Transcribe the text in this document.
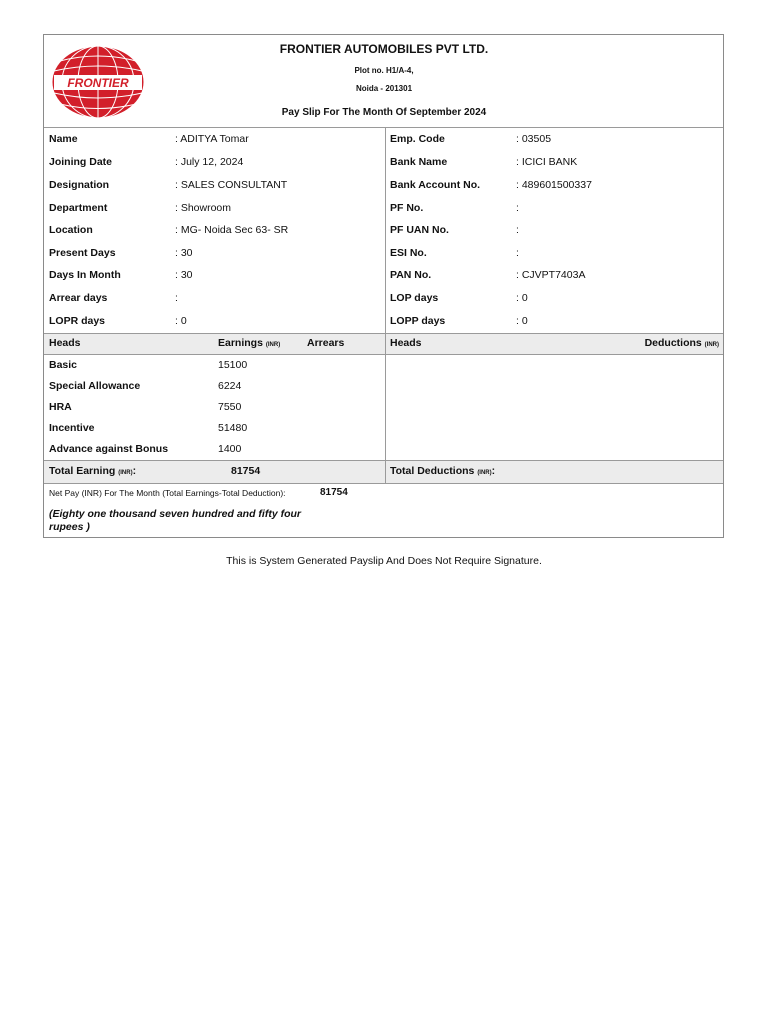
FRONTIER
FRONTIER AUTOMOBILES PVT LTD.
Plot no. H1/A-4,
Noida - 201301
Pay Slip For The Month Of September 2024
Name	: ADITYA Tomar
Joining Date	: July 12, 2024
Designation	: SALES CONSULTANT
Department	: Showroom
Location	: MG- Noida Sec 63- SR
Present Days	: 30
Days In Month	: 30
Arrear days	:
LOPR days	: 0
Emp. Code	: 03505
Bank Name	: ICICI BANK
Bank Account No.	: 489601500337
PF No.	:
PF UAN No.	:
ESI No.	:
PAN No.	: CJVPT7403A
LOP days	: 0
LOPP days	: 0
Heads	Earnings (INR)	Arrears	Heads	Deductions (INR)
Basic	15100
Special Allowance	6224
HRA	7550
Incentive	51480
Advance against Bonus	1400
Total Earning (INR):	81754	Total Deductions (INR):
Net Pay (INR) For The Month (Total Earnings-Total Deduction):	81754
(Eighty one thousand seven hundred and fifty four rupees )
This is System Generated Payslip And Does Not Require Signature.
